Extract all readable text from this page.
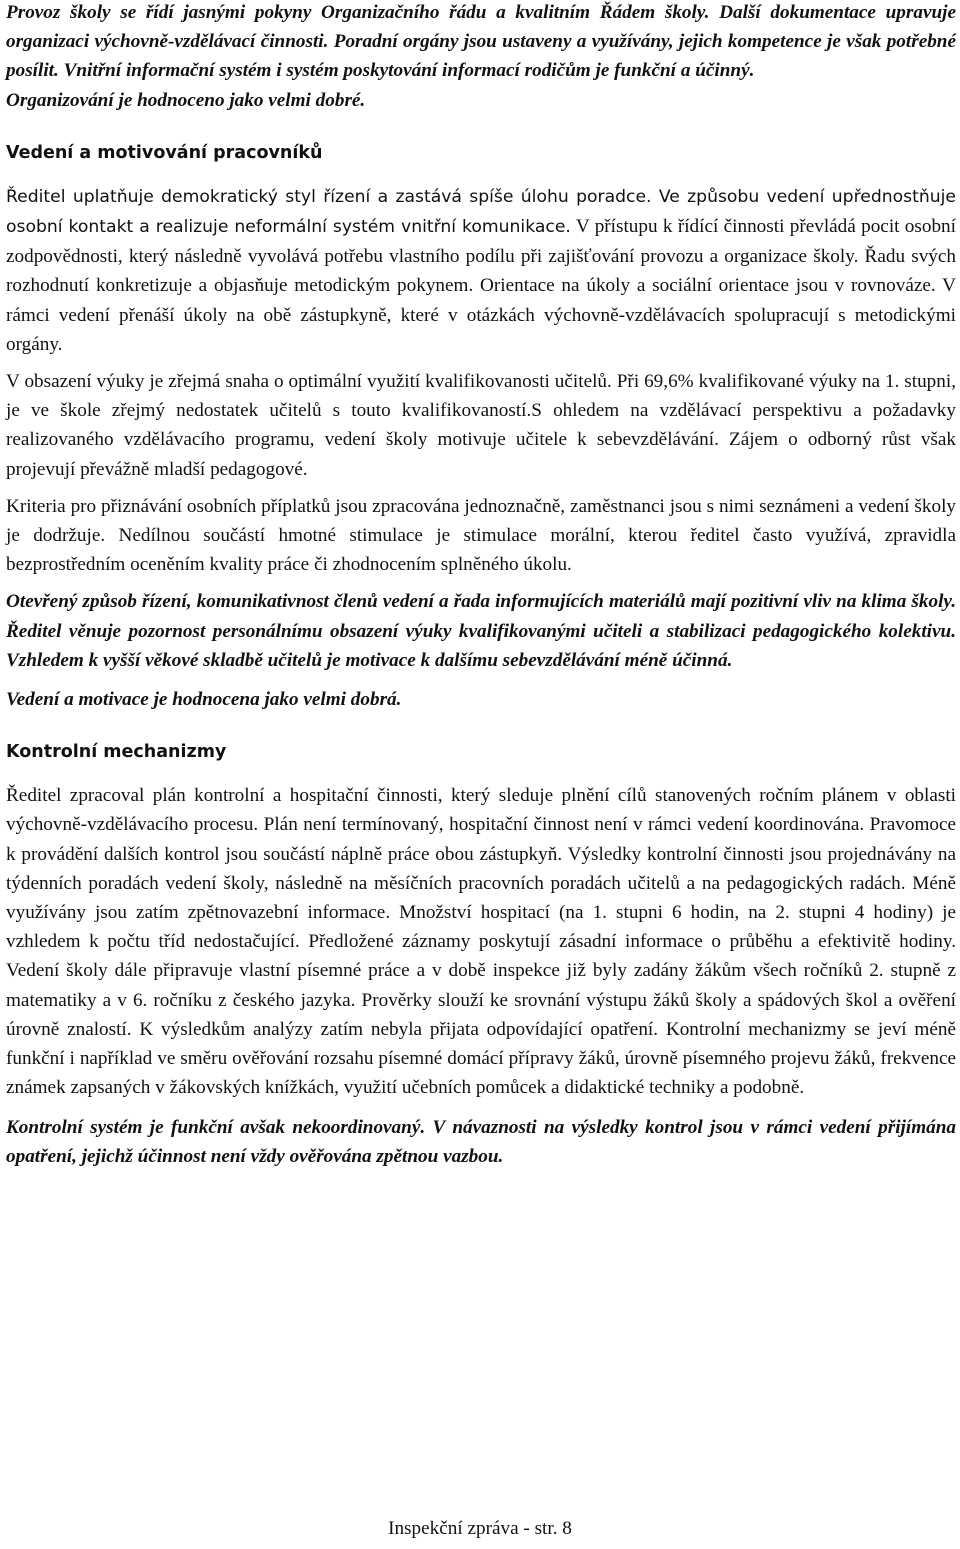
Provoz školy se řídí jasnými pokyny Organizačního řádu a kvalitním Řádem školy. Další dokumentace upravuje organizaci výchovně-vzdělávací činnosti. Poradní orgány jsou ustaveny a využívány, jejich kompetence je však potřebné posílit. Vnitřní informační systém i systém poskytování informací rodičům je funkční a účinný.

Organizování je hodnoceno jako velmi dobré.

Vedení a motivování pracovníků

Ředitel uplatňuje demokratický styl řízení a zastává spíše úlohu poradce. Ve způsobu vedení upřednostňuje osobní kontakt a realizuje neformální systém vnitřní komunikace. V přístupu k řídící činnosti převládá pocit osobní zodpovědnosti, který následně vyvolává potřebu vlastního podílu při zajišťování provozu a organizace školy. Řadu svých rozhodnutí konkretizuje a objasňuje metodickým pokynem. Orientace na úkoly a sociální orientace jsou v rovnováze. V rámci vedení přenáší úkoly na obě zástupkyně, které v otázkách výchovně-vzdělávacích spolupracují s metodickými orgány.

V obsazení výuky je zřejmá snaha o optimální využití kvalifikovanosti učitelů. Při 69,6% kvalifikované výuky na 1. stupni, je ve škole zřejmý nedostatek učitelů s touto kvalifikovaností.S ohledem na vzdělávací perspektivu a požadavky realizovaného vzdělávacího programu, vedení školy motivuje učitele k sebevzdělávání. Zájem o odborný růst však projevují převážně mladší pedagogové.

Kriteria pro přiznávání osobních příplatků jsou zpracována jednoznačně, zaměstnanci jsou s nimi seznámeni a vedení školy je dodržuje. Nedílnou součástí hmotné stimulace je stimulace morální, kterou ředitel často využívá, zpravidla bezprostředním oceněním kvality práce či zhodnocením splněného úkolu.

Otevřený způsob řízení, komunikativnost členů vedení a řada informujících materiálů mají pozitivní vliv na klima školy. Ředitel věnuje pozornost personálnímu obsazení výuky kvalifikovanými učiteli a stabilizaci pedagogického kolektivu. Vzhledem k vyšší věkové skladbě učitelů je motivace k dalšímu sebevzdělávání méně účinná.

Vedení a motivace je hodnocena jako velmi dobrá.

Kontrolní mechanizmy

Ředitel zpracoval plán kontrolní a hospitační činnosti, který sleduje plnění cílů stanovených ročním plánem v oblasti výchovně-vzdělávacího procesu. Plán není termínovaný, hospitační činnost není v rámci vedení koordinována. Pravomoce k provádění dalších kontrol jsou součástí náplně práce obou zástupkyň. Výsledky kontrolní činnosti jsou projednávány na týdenních poradách vedení školy, následně na měsíčních pracovních poradách učitelů a na pedagogických radách. Méně využívány jsou zatím zpětnovazební informace. Množství hospitací (na 1. stupni 6 hodin, na 2. stupni 4 hodiny) je vzhledem k počtu tříd nedostačující. Předložené záznamy poskytují zásadní informace o průběhu a efektivitě hodiny. Vedení školy dále připravuje vlastní písemné práce a v době inspekce již byly zadány žákům všech ročníků 2. stupně z matematiky a v 6. ročníku z českého jazyka. Prověrky slouží ke srovnání výstupu žáků školy a spádových škol a ověření úrovně znalostí. K výsledkům analýzy zatím nebyla přijata odpovídající opatření. Kontrolní mechanizmy se jeví méně funkční i například ve směru ověřování rozsahu písemné domácí přípravy žáků, úrovně písemného projevu žáků, frekvence známek zapsaných v žákovských knížkách, využití učebních pomůcek a didaktické techniky a podobně.

Kontrolní systém je funkční avšak nekoordinovaný. V návaznosti na výsledky kontrol jsou v rámci vedení přijímána opatření, jejichž účinnost není vždy ověřována zpětnou vazbou.

Inspekční zpráva - str. 8
